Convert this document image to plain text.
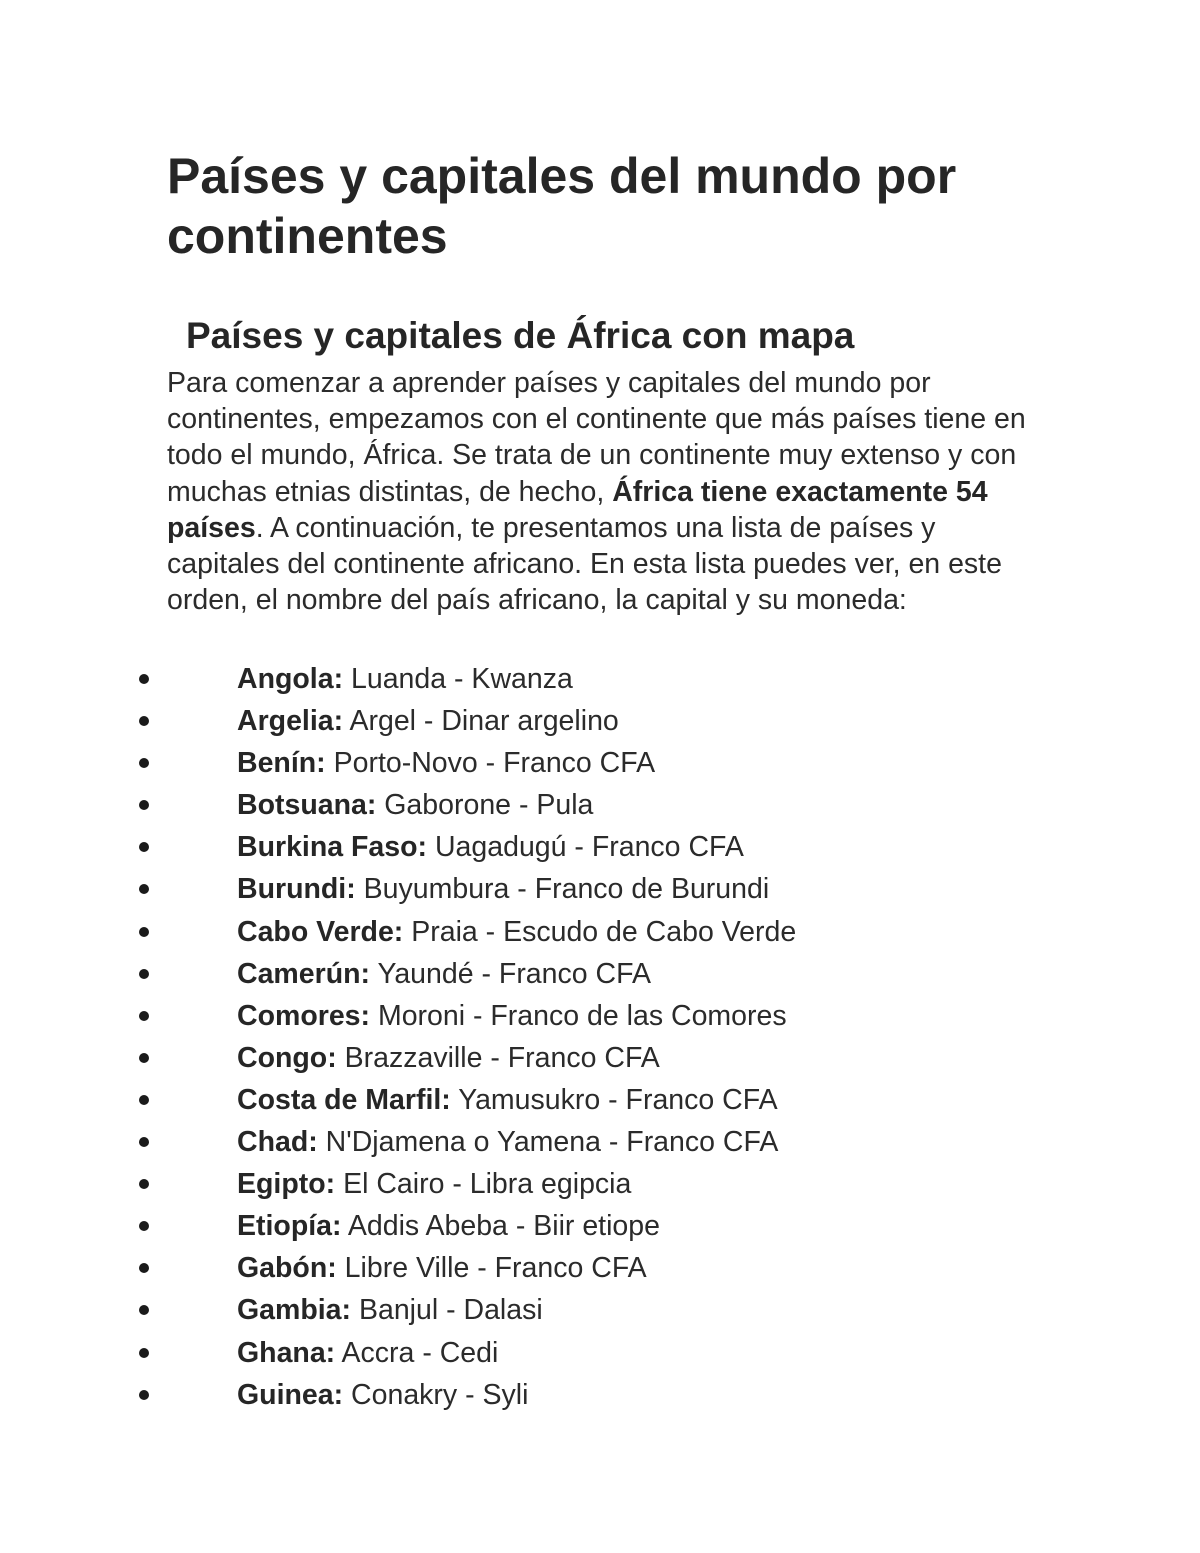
Países y capitales del mundo por continentes
Países y capitales de África con mapa

Para comenzar a aprender países y capitales del mundo por continentes, empezamos con el continente que más países tiene en todo el mundo, África. Se trata de un continente muy extenso y con muchas etnias distintas, de hecho, África tiene exactamente 54 países. A continuación, te presentamos una lista de países y capitales del continente africano. En esta lista puedes ver, en este orden, el nombre del país africano, la capital y su moneda:

Angola: Luanda - Kwanza
Argelia: Argel - Dinar argelino
Benín: Porto-Novo - Franco CFA
Botsuana: Gaborone - Pula
Burkina Faso: Uagadugú - Franco CFA
Burundi: Buyumbura - Franco de Burundi
Cabo Verde: Praia - Escudo de Cabo Verde
Camerún: Yaundé - Franco CFA
Comores: Moroni - Franco de las Comores
Congo: Brazzaville - Franco CFA
Costa de Marfil: Yamusukro - Franco CFA
Chad: N'Djamena o Yamena - Franco CFA
Egipto: El Cairo - Libra egipcia
Etiopía: Addis Abeba - Biir etiope
Gabón: Libre Ville - Franco CFA
Gambia: Banjul - Dalasi
Ghana: Accra - Cedi
Guinea: Conakry - Syli
